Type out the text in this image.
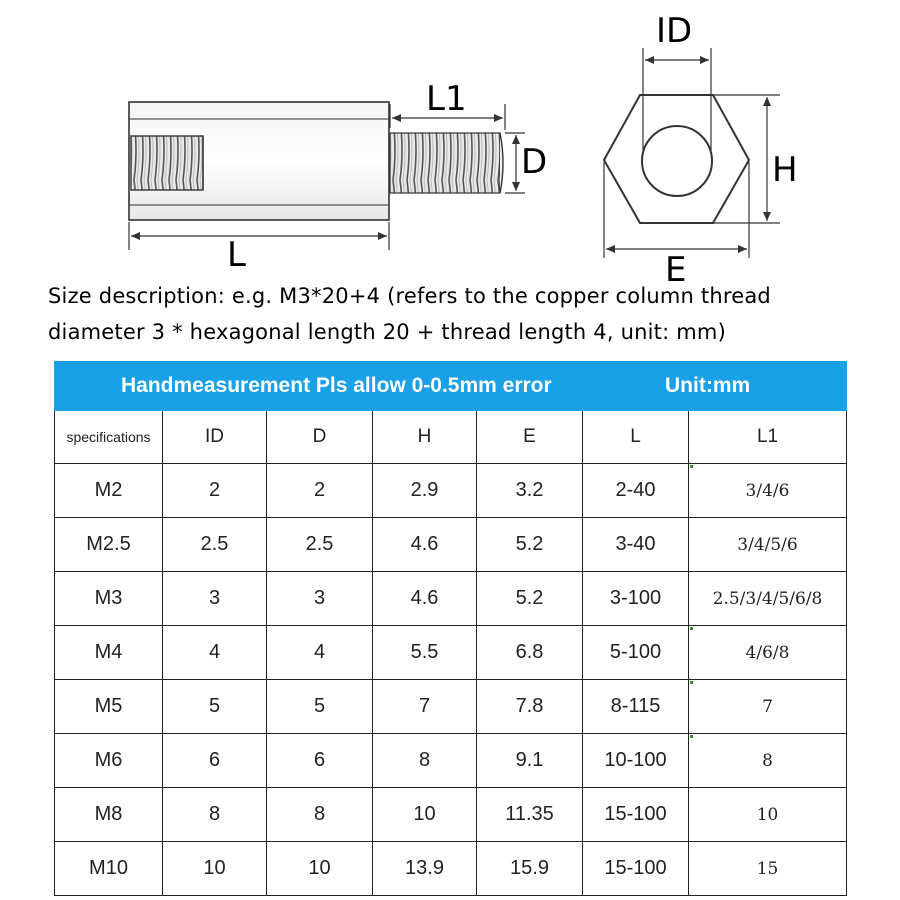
L
L1
D
ID
H
E
Size description: e.g. M3*20+4 (refers to the copper column thread
diameter 3 * hexagonal length 20 + thread length 4, unit: mm)
Handmeasurement Pls allow 0-0.5mm error Unit:mm						

specifications	ID	D	H	E	L	L1
M2	2	2	2.9	3.2	2-40	3/4/6
M2.5	2.5	2.5	4.6	5.2	3-40	3/4/5/6
M3	3	3	4.6	5.2	3-100	2.5/3/4/5/6/8
M4	4	4	5.5	6.8	5-100	4/6/8
M5	5	5	7	7.8	8-115	7
M6	6	6	8	9.1	10-100	8
M8	8	8	10	11.35	15-100	10
M10	10	10	13.9	15.9	15-100	15
